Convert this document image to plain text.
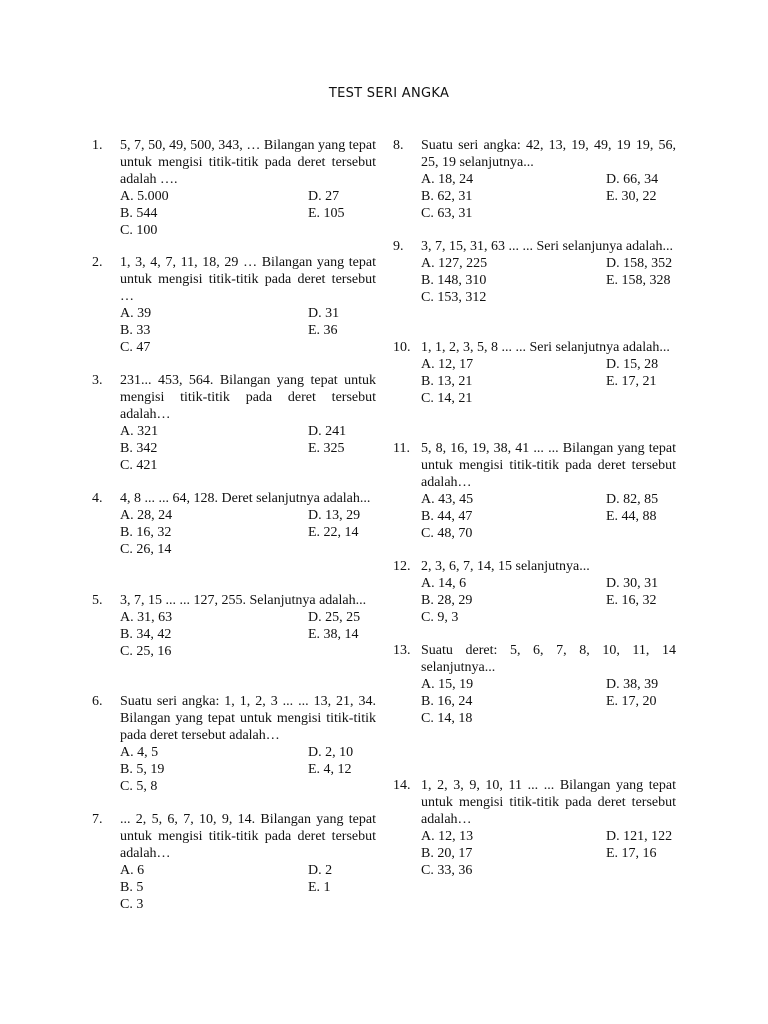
TEST SERI ANGKA
1. 5, 7, 50, 49, 500, 343, … Bilangan yang tepat untuk mengisi titik-titik pada deret tersebut adalah ….
A. 5.000
B. 544
C. 100
D. 27
E. 105
2. 1, 3, 4, 7, 11, 18, 29 … Bilangan yang tepat untuk mengisi titik-titik pada deret tersebut …
A. 39
B. 33
C. 47
D. 31
E. 36
3. 231... 453, 564. Bilangan yang tepat untuk mengisi titik-titik pada deret tersebut adalah…
A. 321
B. 342
C. 421
D. 241
E. 325
4. 4, 8 ... ... 64, 128. Deret selanjutnya adalah...
A. 28, 24
B. 16, 32
C. 26, 14
D. 13, 29
E. 22, 14
5. 3, 7, 15 ... ... 127, 255. Selanjutnya adalah...
A. 31, 63
B. 34, 42
C. 25, 16
D. 25, 25
E. 38, 14
6. Suatu seri angka: 1, 1, 2, 3 ... ... 13, 21, 34. Bilangan yang tepat untuk mengisi titik-titik pada deret tersebut adalah…
A. 4, 5
B. 5, 19
C. 5, 8
D. 2, 10
E. 4, 12
7. ... 2, 5, 6, 7, 10, 9, 14. Bilangan yang tepat untuk mengisi titik-titik pada deret tersebut adalah…
A. 6
B. 5
C. 3
D. 2
E. 1
8. Suatu seri angka: 42, 13, 19, 49, 19 19, 56, 25, 19 selanjutnya...
A. 18, 24
B. 62, 31
C. 63, 31
D. 66, 34
E. 30, 22
9. 3, 7, 15, 31, 63 ... ... Seri selanjunya adalah...
A. 127, 225
B. 148, 310
C. 153, 312
D. 158, 352
E. 158, 328
10. 1, 1, 2, 3, 5, 8 ... ... Seri selanjutnya adalah...
A. 12, 17
B. 13, 21
C. 14, 21
D. 15, 28
E. 17, 21
11. 5, 8, 16, 19, 38, 41 ... ... Bilangan yang tepat untuk mengisi titik-titik pada deret tersebut adalah…
A. 43, 45
B. 44, 47
C. 48, 70
D. 82, 85
E. 44, 88
12. 2, 3, 6, 7, 14, 15 selanjutnya...
A. 14, 6
B. 28, 29
C. 9, 3
D. 30, 31
E. 16, 32
13. Suatu deret: 5, 6, 7, 8, 10, 11, 14 selanjutnya...
A. 15, 19
B. 16, 24
C. 14, 18
D. 38, 39
E. 17, 20
14. 1, 2, 3, 9, 10, 11 ... ... Bilangan yang tepat untuk mengisi titik-titik pada deret tersebut adalah…
A. 12, 13
B. 20, 17
C. 33, 36
D. 121, 122
E. 17, 16
